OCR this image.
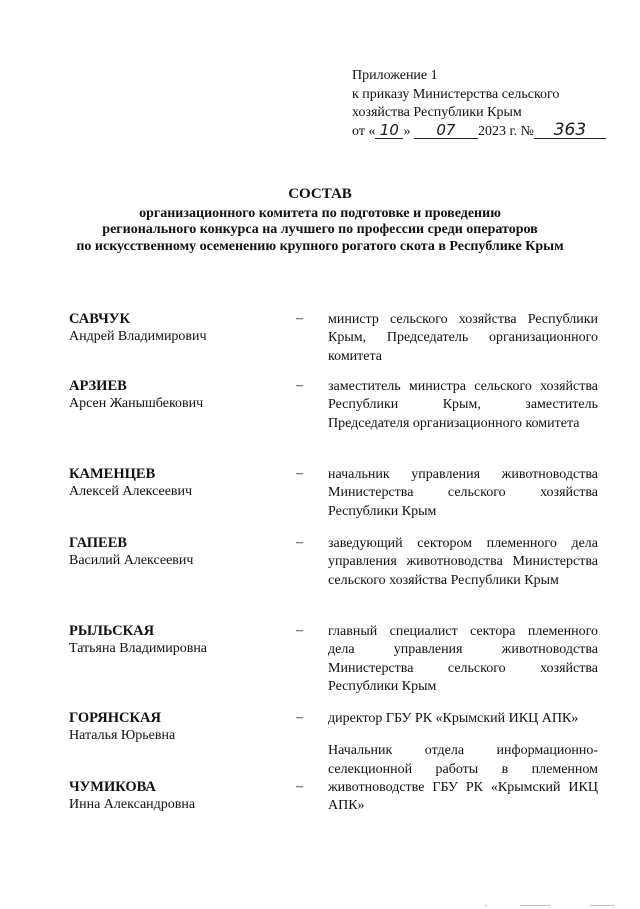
Приложение 1
к приказу Министерства сельского
хозяйства Республики Крым
от « 10 » 07 2023 г. № 363
СОСТАВ
организационного комитета по подготовке и проведению
регионального конкурса на лучшего по профессии среди операторов
по искусственному осеменению крупного рогатого скота в Республике Крым
САВЧУК
Андрей Владимирович
– министр сельского хозяйства Республики Крым, Председатель организационного комитета
АРЗИЕВ
Арсен Жанышбекович
– заместитель министра сельского хозяйства Республики Крым, заместитель Председателя организационного комитета
КАМЕНЦЕВ
Алексей Алексеевич
– начальник управления животноводства Министерства сельского хозяйства Республики Крым
ГАПЕЕВ
Василий Алексеевич
– заведующий сектором племенного дела управления животноводства Министерства сельского хозяйства Республики Крым
РЫЛЬСКАЯ
Татьяна Владимировна
– главный специалист сектора племенного дела управления животноводства Министерства сельского хозяйства Республики Крым
ГОРЯНСКАЯ
Наталья Юрьевна
– директор ГБУ РК «Крымский ИКЦ АПК»
Начальник отдела информационно-селекционной работы в племенном животноводстве ГБУ РК «Крымский ИКЦ АПК»
ЧУМИКОВА
Инна Александровна
–
